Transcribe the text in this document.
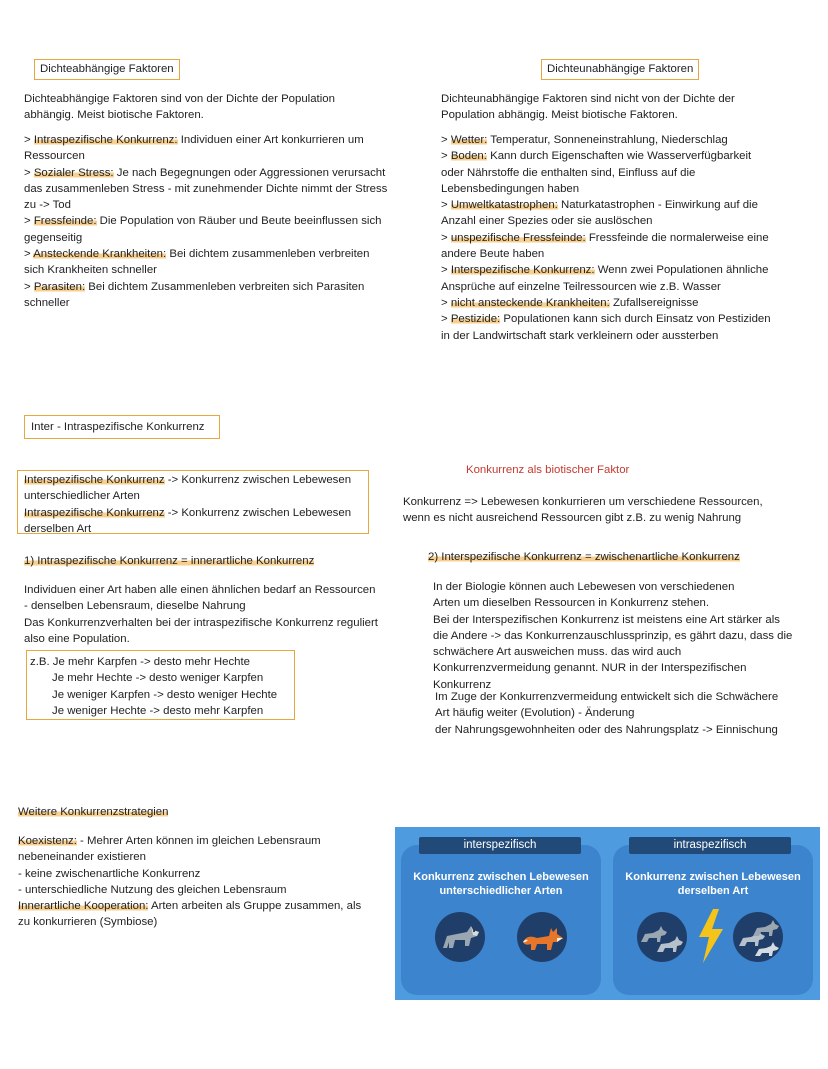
Dichteabhängige Faktoren

Dichteabhängige Faktoren sind von der Dichte der Population

abhängig. Meist biotische Faktoren.

> Intraspezifische Konkurrenz: Individuen einer Art konkurrieren um

Ressourcen

> Sozialer Stress: Je nach Begegnungen oder Aggressionen verursacht

das zusammenleben Stress - mit zunehmender Dichte nimmt der Stress

zu -> Tod

> Fressfeinde: Die Population von Räuber und Beute beeinflussen sich

gegenseitig

> Ansteckende Krankheiten: Bei dichtem zusammenleben verbreiten

sich Krankheiten schneller

> Parasiten: Bei dichtem Zusammenleben verbreiten sich Parasiten

schneller

Dichteunabhängige Faktoren

Dichteunabhängige Faktoren sind nicht von der Dichte der

Population abhängig. Meist biotische Faktoren.

> Wetter: Temperatur, Sonneneinstrahlung, Niederschlag

> Boden: Kann durch Eigenschaften wie Wasserverfügbarkeit

oder Nährstoffe die enthalten sind, Einfluss auf die

Lebensbedingungen haben

> Umweltkatastrophen: Naturkatastrophen - Einwirkung auf die

Anzahl einer Spezies oder sie auslöschen

> unspezifische Fressfeinde: Fressfeinde die normalerweise eine

andere Beute haben

> Interspezifische Konkurrenz: Wenn zwei Populationen ähnliche

Ansprüche auf einzelne Teilressourcen wie z.B. Wasser

> nicht ansteckende Krankheiten: Zufallsereignisse

> Pestizide: Populationen kann sich durch Einsatz von Pestiziden

in der Landwirtschaft stark verkleinern oder aussterben

Inter - Intraspezifische Konkurrenz

Interspezifische Konkurrenz -> Konkurrenz zwischen Lebewesen

unterschiedlicher Arten

Intraspezifische Konkurrenz -> Konkurrenz zwischen Lebewesen

derselben Art

Konkurrenz als biotischer Faktor

Konkurrenz => Lebewesen konkurrieren um verschiedene Ressourcen,

wenn es nicht ausreichend Ressourcen gibt z.B. zu wenig Nahrung

1) Intraspezifische Konkurrenz = innerartliche Konkurrenz

Individuen einer Art haben alle einen ähnlichen bedarf an Ressourcen

- denselben Lebensraum, dieselbe Nahrung

Das Konkurrenzverhalten bei der intraspezifische Konkurrenz reguliert

also eine Population.

z.B. Je mehr Karpfen -> desto mehr Hechte

Je mehr Hechte -> desto weniger Karpfen

Je weniger Karpfen -> desto weniger Hechte

Je weniger Hechte -> desto mehr Karpfen

2) Interspezifische Konkurrenz = zwischenartliche Konkurrenz

In der Biologie können auch Lebewesen von verschiedenen

Arten um dieselben Ressourcen in Konkurrenz stehen.

Bei der Interspezifischen Konkurrenz ist meistens eine Art stärker als

die Andere -> das Konkurrenzauschlussprinzip, es gährt dazu, dass die

schwächere Art ausweichen muss. das wird auch

Konkurrenzvermeidung genannt. NUR in der Interspezifischen

Konkurrenz

Im Zuge der Konkurrenzvermeidung entwickelt sich die Schwächere

Art häufig weiter (Evolution) - Änderung

der Nahrungsgewohnheiten oder des Nahrungsplatz -> Einnischung

Weitere Konkurrenzstrategien

Koexistenz: - Mehrer Arten können im gleichen Lebensraum

nebeneinander existieren

- keine zwischenartliche Konkurrenz

- unterschiedliche Nutzung des gleichen Lebensraum

Innerartliche Kooperation: Arten arbeiten als Gruppe zusammen, als

zu konkurrieren (Symbiose)

interspezifisch	intraspezifisch
Konkurrenz zwischen Lebewesen
unterschiedlicher Arten
Konkurrenz zwischen Lebewesen
derselben Art
